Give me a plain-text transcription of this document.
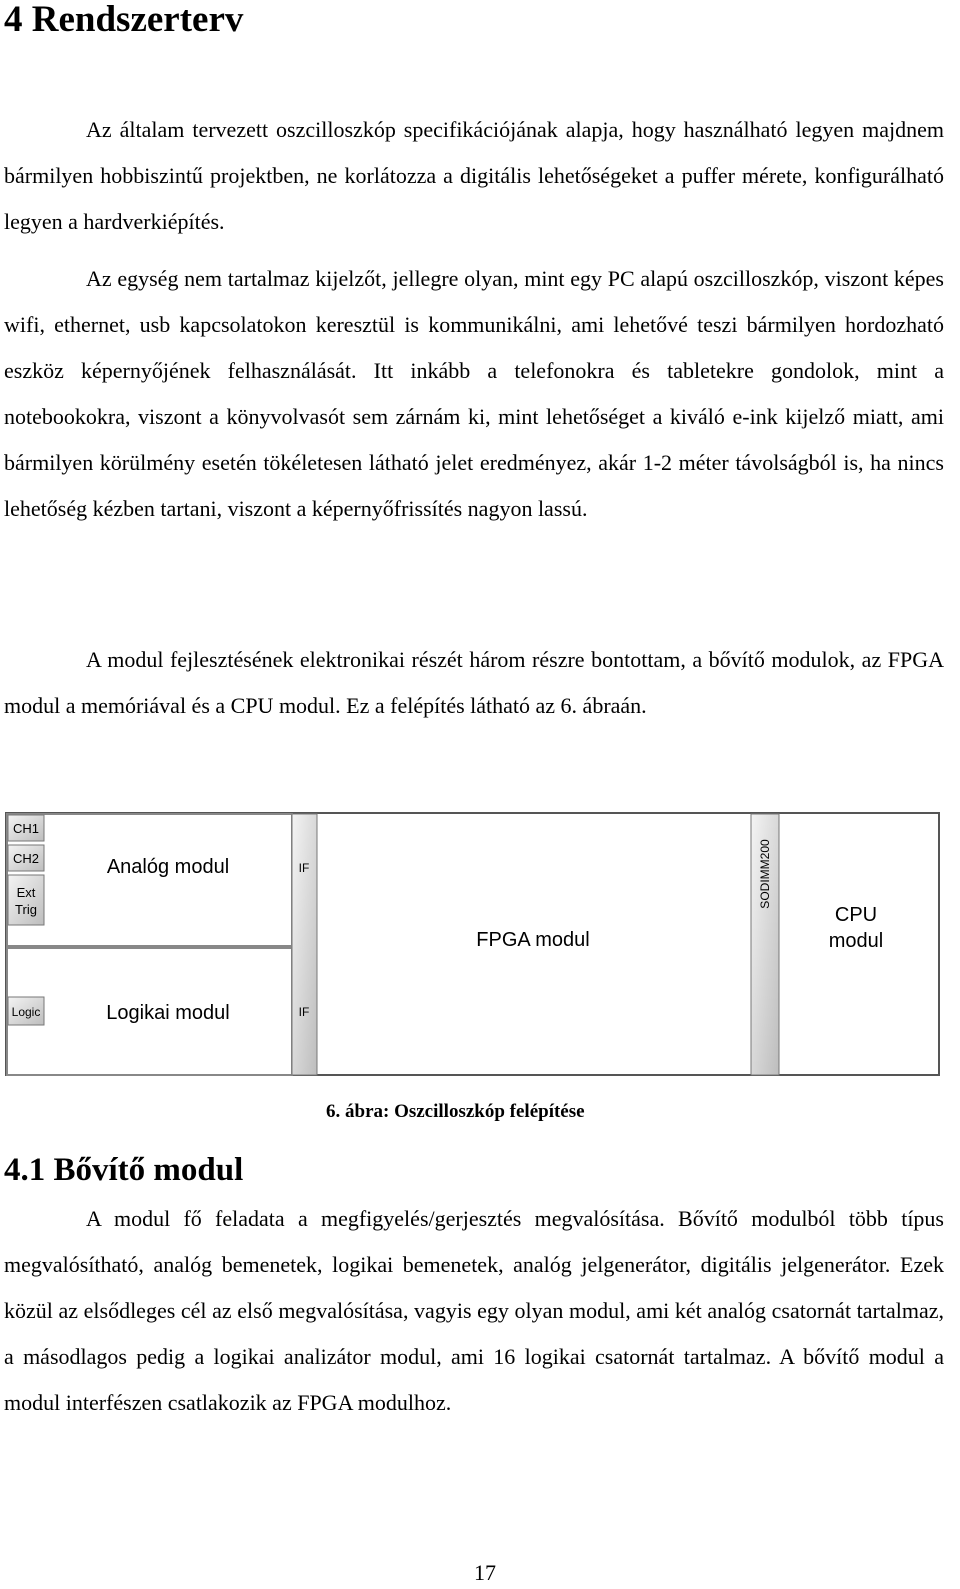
4 Rendszerterv

Az általam tervezett oszcilloszkóp specifikációjának alapja, hogy használható legyen majdnem bármilyen hobbiszintű projektben, ne korlátozza a digitális lehetőségeket a puffer mérete, konfigurálható legyen a hardverkiépítés.

Az egység nem tartalmaz kijelzőt, jellegre olyan, mint egy PC alapú oszcilloszkóp, viszont képes wifi, ethernet, usb kapcsolatokon keresztül is kommunikálni, ami lehetővé teszi bármilyen hordozható eszköz képernyőjének felhasználását. Itt inkább a telefonokra és tabletekre gondolok, mint a notebookokra, viszont a könyvolvasót sem zárnám ki, mint lehetőséget a kiváló e-ink kijelző miatt, ami bármilyen körülmény esetén tökéletesen látható jelet eredményez, akár 1-2 méter távolságból is, ha nincs lehetőség kézben tartani, viszont a képernyőfrissítés nagyon lassú.

A modul fejlesztésének elektronikai részét három részre bontottam, a bővítő modulok, az FPGA modul a memóriával és a CPU modul. Ez a felépítés látható az 6. ábraán.

CH1
CH2
Ext
Trig
Logic
Analóg modul
Logikai modul
IF
IF
FPGA modul
SODIMM200
CPU
modul

6. ábra: Oszcilloszkóp felépítése

4.1 Bővítő modul

A modul fő feladata a megfigyelés/gerjesztés megvalósítása. Bővítő modulból több típus megvalósítható, analóg bemenetek, logikai bemenetek, analóg jelgenerátor, digitális jelgenerátor. Ezek közül az elsődleges cél az első megvalósítása, vagyis egy olyan modul, ami két analóg csatornát tartalmaz, a másodlagos pedig a logikai analizátor modul, ami 16 logikai csatornát tartalmaz. A bővítő modul a modul interfészen csatlakozik az FPGA modulhoz.

17
